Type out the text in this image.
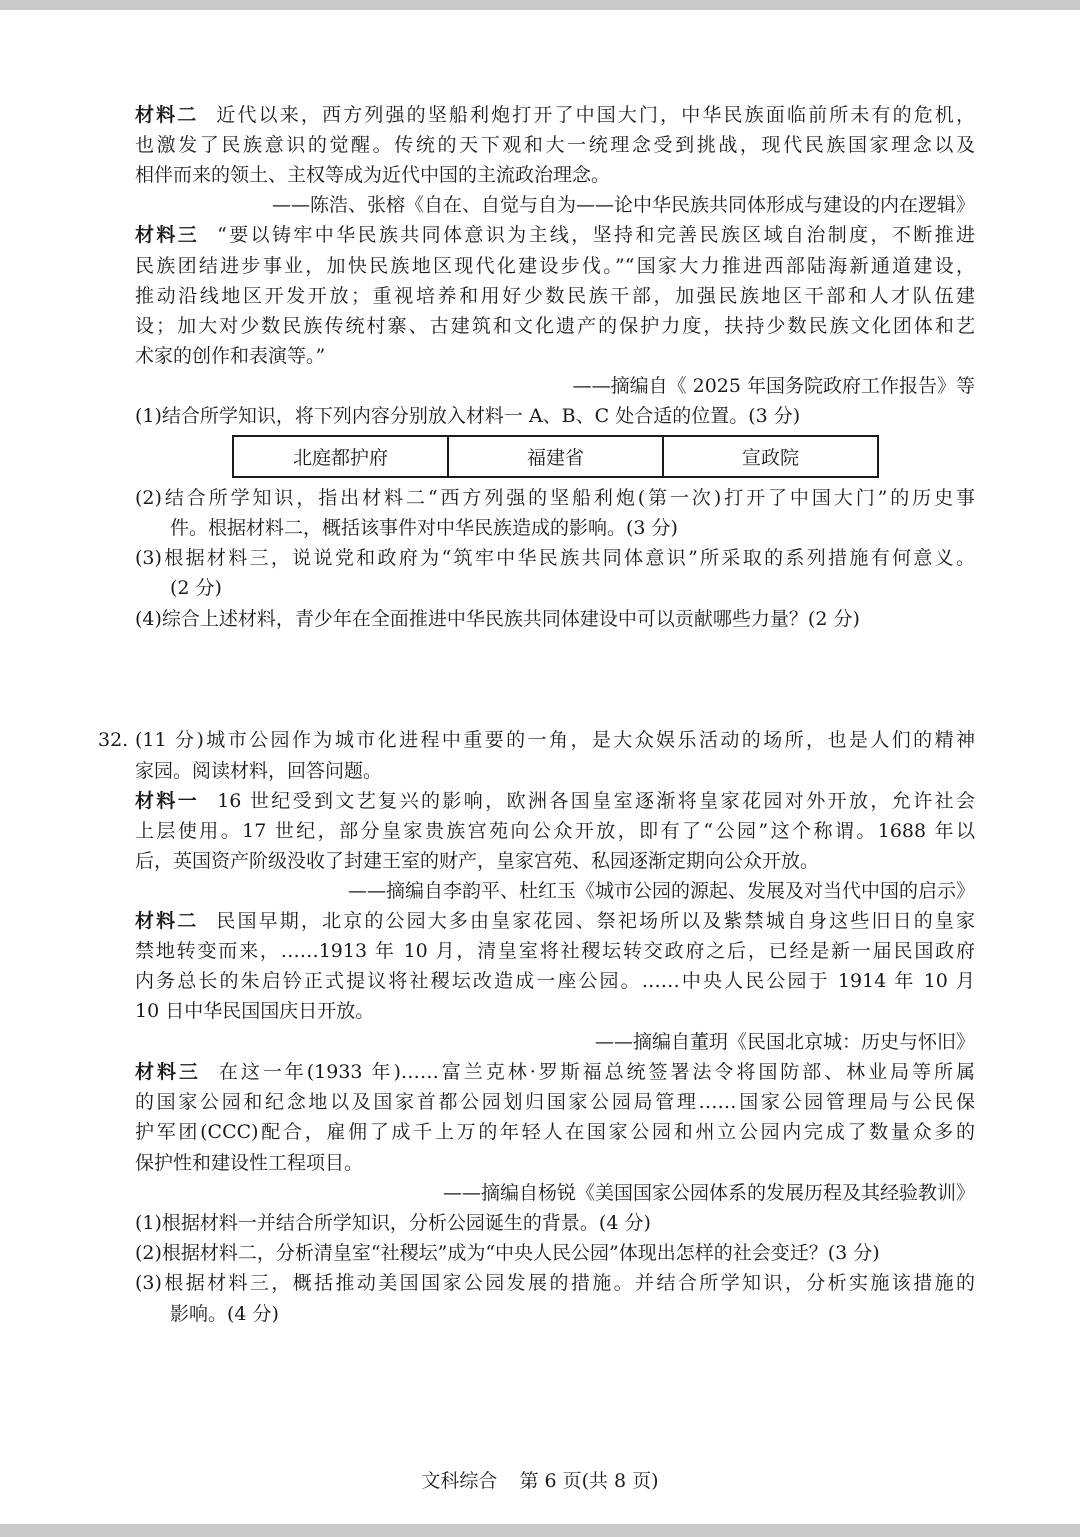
材料二 近代以来，西方列强的坚船利炮打开了中国大门，中华民族面临前所未有的危机，
也激发了民族意识的觉醒。传统的天下观和大一统理念受到挑战，现代民族国家理念以及
相伴而来的领土、主权等成为近代中国的主流政治理念。
——陈浩、张榕《自在、自觉与自为——论中华民族共同体形成与建设的内在逻辑》
材料三 “要以铸牢中华民族共同体意识为主线，坚持和完善民族区域自治制度，不断推进
民族团结进步事业，加快民族地区现代化建设步伐。”“国家大力推进西部陆海新通道建设，
推动沿线地区开发开放；重视培养和用好少数民族干部，加强民族地区干部和人才队伍建
设；加大对少数民族传统村寨、古建筑和文化遗产的保护力度，扶持少数民族文化团体和艺
术家的创作和表演等。”
——摘编自《 2025 年国务院政府工作报告》等
(1)结合所学知识，将下列内容分别放入材料一 A、B、C 处合适的位置。(3 分)
北庭都护府	福建省	宣政院
(2)结合所学知识，指出材料二“西方列强的坚船利炮(第一次)打开了中国大门”的历史事
件。根据材料二，概括该事件对中华民族造成的影响。(3 分)
(3)根据材料三，说说党和政府为“筑牢中华民族共同体意识”所采取的系列措施有何意义。
(2 分)
(4)综合上述材料，青少年在全面推进中华民族共同体建设中可以贡献哪些力量？(2 分)
32. (11 分)城市公园作为城市化进程中重要的一角，是大众娱乐活动的场所，也是人们的精神
家园。阅读材料，回答问题。
材料一 16 世纪受到文艺复兴的影响，欧洲各国皇室逐渐将皇家花园对外开放，允许社会
上层使用。17 世纪，部分皇家贵族宫苑向公众开放，即有了“公园”这个称谓。1688 年以
后，英国资产阶级没收了封建王室的财产，皇家宫苑、私园逐渐定期向公众开放。
——摘编自李韵平、杜红玉《城市公园的源起、发展及对当代中国的启示》
材料二 民国早期，北京的公园大多由皇家花园、祭祀场所以及紫禁城自身这些旧日的皇家
禁地转变而来，……1913 年 10 月，清皇室将社稷坛转交政府之后，已经是新一届民国政府
内务总长的朱启钤正式提议将社稷坛改造成一座公园。……中央人民公园于 1914 年 10 月
10 日中华民国国庆日开放。
——摘编自董玥《民国北京城：历史与怀旧》
材料三 在这一年(1933 年)……富兰克林·罗斯福总统签署法令将国防部、林业局等所属
的国家公园和纪念地以及国家首都公园划归国家公园局管理……国家公园管理局与公民保
护军团(CCC)配合，雇佣了成千上万的年轻人在国家公园和州立公园内完成了数量众多的
保护性和建设性工程项目。
——摘编自杨锐《美国国家公园体系的发展历程及其经验教训》
(1)根据材料一并结合所学知识，分析公园诞生的背景。(4 分)
(2)根据材料二，分析清皇室“社稷坛”成为“中央人民公园”体现出怎样的社会变迁？(3 分)
(3)根据材料三，概括推动美国国家公园发展的措施。并结合所学知识，分析实施该措施的
影响。(4 分)
文科综合 第 6 页(共 8 页)
